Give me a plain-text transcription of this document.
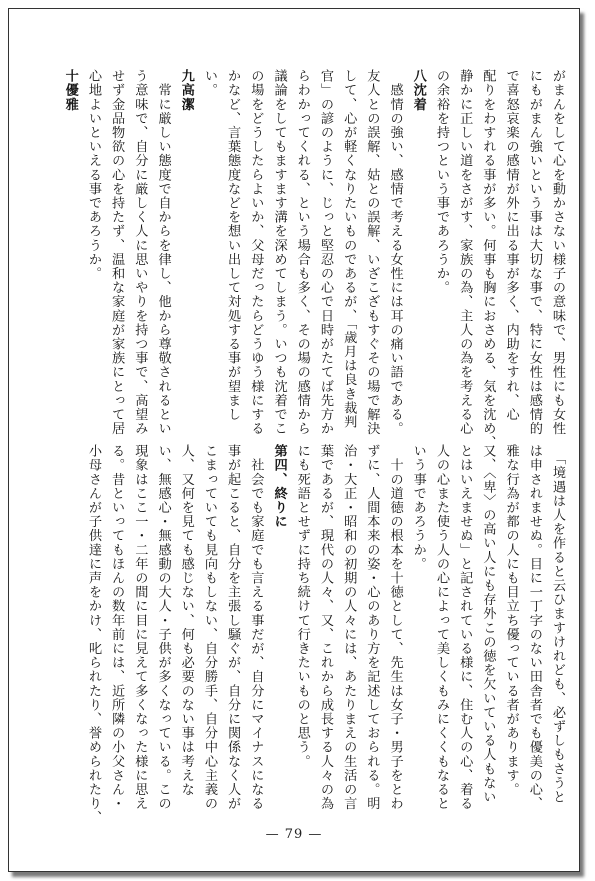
がまんをして心を動かさない様子の意味で、男性にも女性

にもがまん強いという事は大切な事で、特に女性は感情的

で喜怒哀楽の感情が外に出る事が多く、内助をすれ、心

配りをわすれる事が多い。何事も胸におさめる、気を沈め、

静かに正しい道をさがす、家族の為、主人の為を考える心

の余裕を持つという事であろうか。

八沈着

　感情の強い、感情で考える女性には耳の痛い語である。

友人との誤解、姑との誤解、いざこざもすぐその場で解決

して、心が軽くなりたいものであるが、「歳月は良き裁判

官」の諺のように、じっと堅忍の心で日時がたてば先方か

らわかってくれる、という場合も多く、その場の感情から

議論をしてもますます溝を深めてしまう。いつも沈着でこ

の場をどうしたらよいか、父母だったらどうゆう様にする

かなど、言葉態度などを想い出して対処する事が望まし

い。

九高潔

　常に厳しい態度で自からを律し、他から尊敬されるとい

う意味で、自分に厳しく人に思いやりを持つ事で、高望み

せず金品物欲の心を持たず、温和な家庭が家族にとって居

心地よいといえる事であろうか。

十優雅

　「境遇は人を作ると云ひますけれども、必ずしもさうと

は申されませぬ。目に一丁字のない田舎者でも優美の心、

雅な行為が都の人にも目立ち優っている者があります。

又、〈卑〉の高い人にも存外この徳を欠いている人もない

とはいえませぬ」と記されている様に、住む人の心、着る

人の心また使う人の心によって美しくもみにくくもなると

いう事であろうか。

　十の道徳の根本を十徳として、先生は女子・男子をとわ

ずに、人間本来の姿・心のあり方を記述しておられる。明

治・大正・昭和の初期の人々には、あたりまえの生活の言

葉であるが、現代の人々、又、これから成長する人々の為

にも死語とせずに持ち続けて行きたいものと思う。

第四、終りに

　社会でも家庭でも言える事だが、自分にマイナスになる

事が起こると、自分を主張し騒ぐが、自分に関係なく人が

こまっていても見向もしない、自分勝手、自分中心主義の

人、又何を見ても感じない、何も必要のない事は考えな

い、無感心・無感動の大人・子供が多くなっている。この

現象はここ一・二年の間に目に見えて多くなった様に思え

る。昔といってもほんの数年前には、近所隣の小父さん・

小母さんが子供達に声をかけ、叱られたり、誉められたり、

— 79 —
